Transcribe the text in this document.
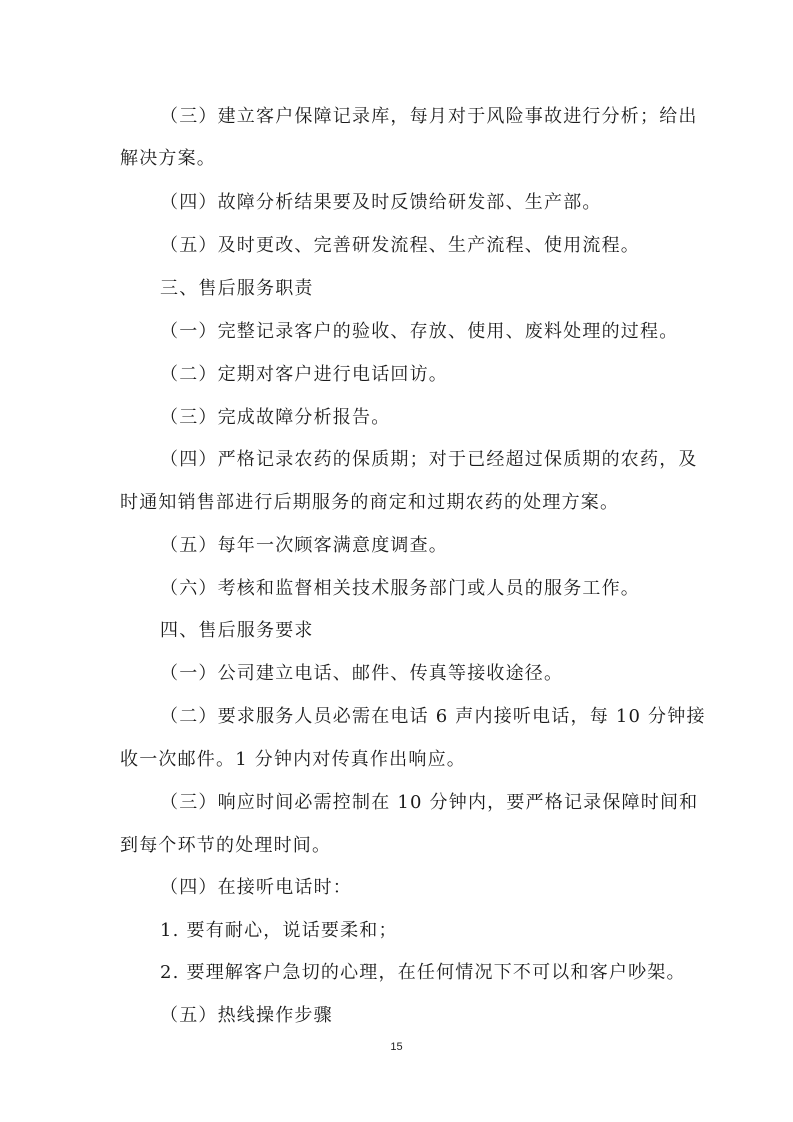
（三）建立客户保障记录库，每月对于风险事故进行分析；给出

解决方案。

（四）故障分析结果要及时反馈给研发部、生产部。

（五）及时更改、完善研发流程、生产流程、使用流程。

三、售后服务职责

（一）完整记录客户的验收、存放、使用、废料处理的过程。

（二）定期对客户进行电话回访。

（三）完成故障分析报告。

（四）严格记录农药的保质期；对于已经超过保质期的农药，及

时通知销售部进行后期服务的商定和过期农药的处理方案。

（五）每年一次顾客满意度调查。

（六）考核和监督相关技术服务部门或人员的服务工作。

四、售后服务要求

（一）公司建立电话、邮件、传真等接收途径。

（二）要求服务人员必需在电话 6 声内接听电话，每 10 分钟接

收一次邮件。1 分钟内对传真作出响应。

（三）响应时间必需控制在 10 分钟内，要严格记录保障时间和

到每个环节的处理时间。

（四）在接听电话时：

1. 要有耐心，说话要柔和；

2. 要理解客户急切的心理，在任何情况下不可以和客户吵架。

（五）热线操作步骤

15
